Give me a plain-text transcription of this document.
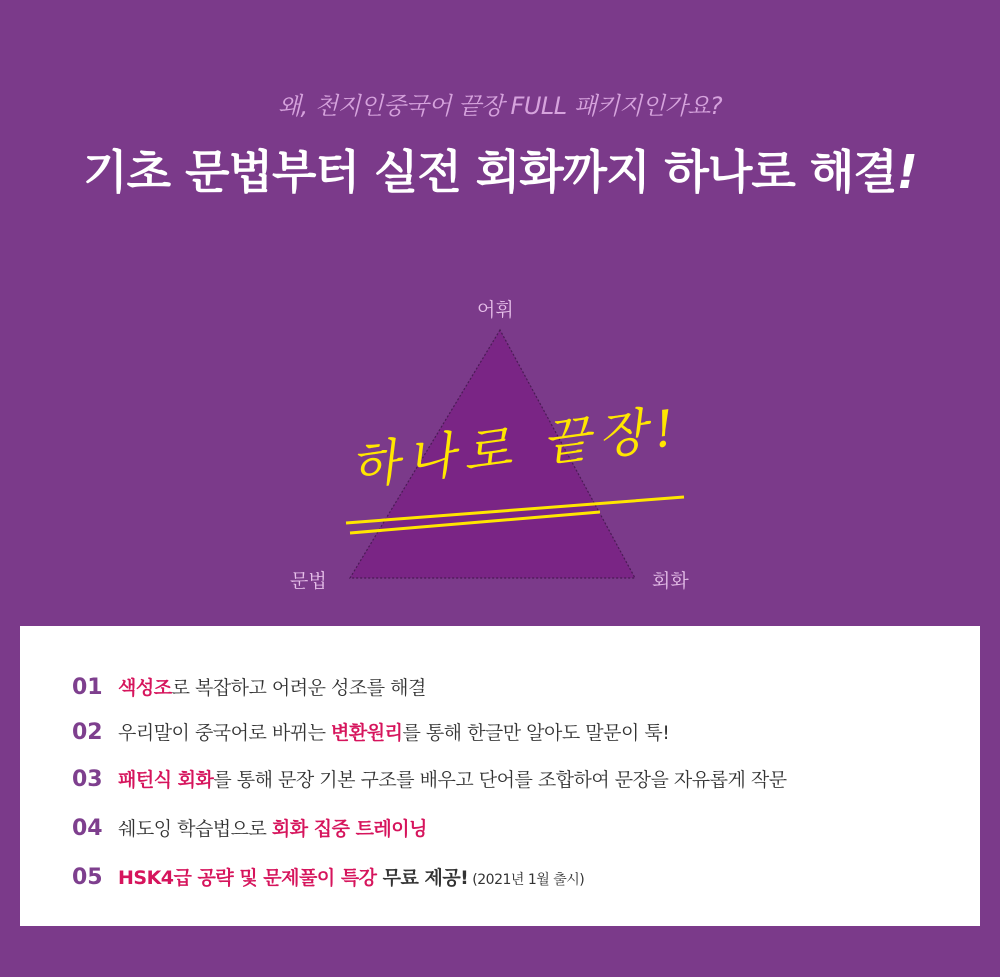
왜, 천지인중국어 끝장 FULL 패키지인가요?
기초 문법부터 실전 회화까지 하나로 해결!
어휘
문법	회화
하나로 끝장!
01 색성조 로 복잡하고 어려운 성조를 해결
02 우리말이 중국어로 바뀌는 변환원리 를 통해 한글만 알아도 말문이 툭!
03 패턴식 회화 를 통해 문장 기본 구조를 배우고 단어를 조합하여 문장을 자유롭게 작문
04 쉐도잉 학습법으로 회화 집중 트레이닝
05 HSK4급 공략 및 문제풀이 특강 무료 제공! (2021년 1월 출시)
